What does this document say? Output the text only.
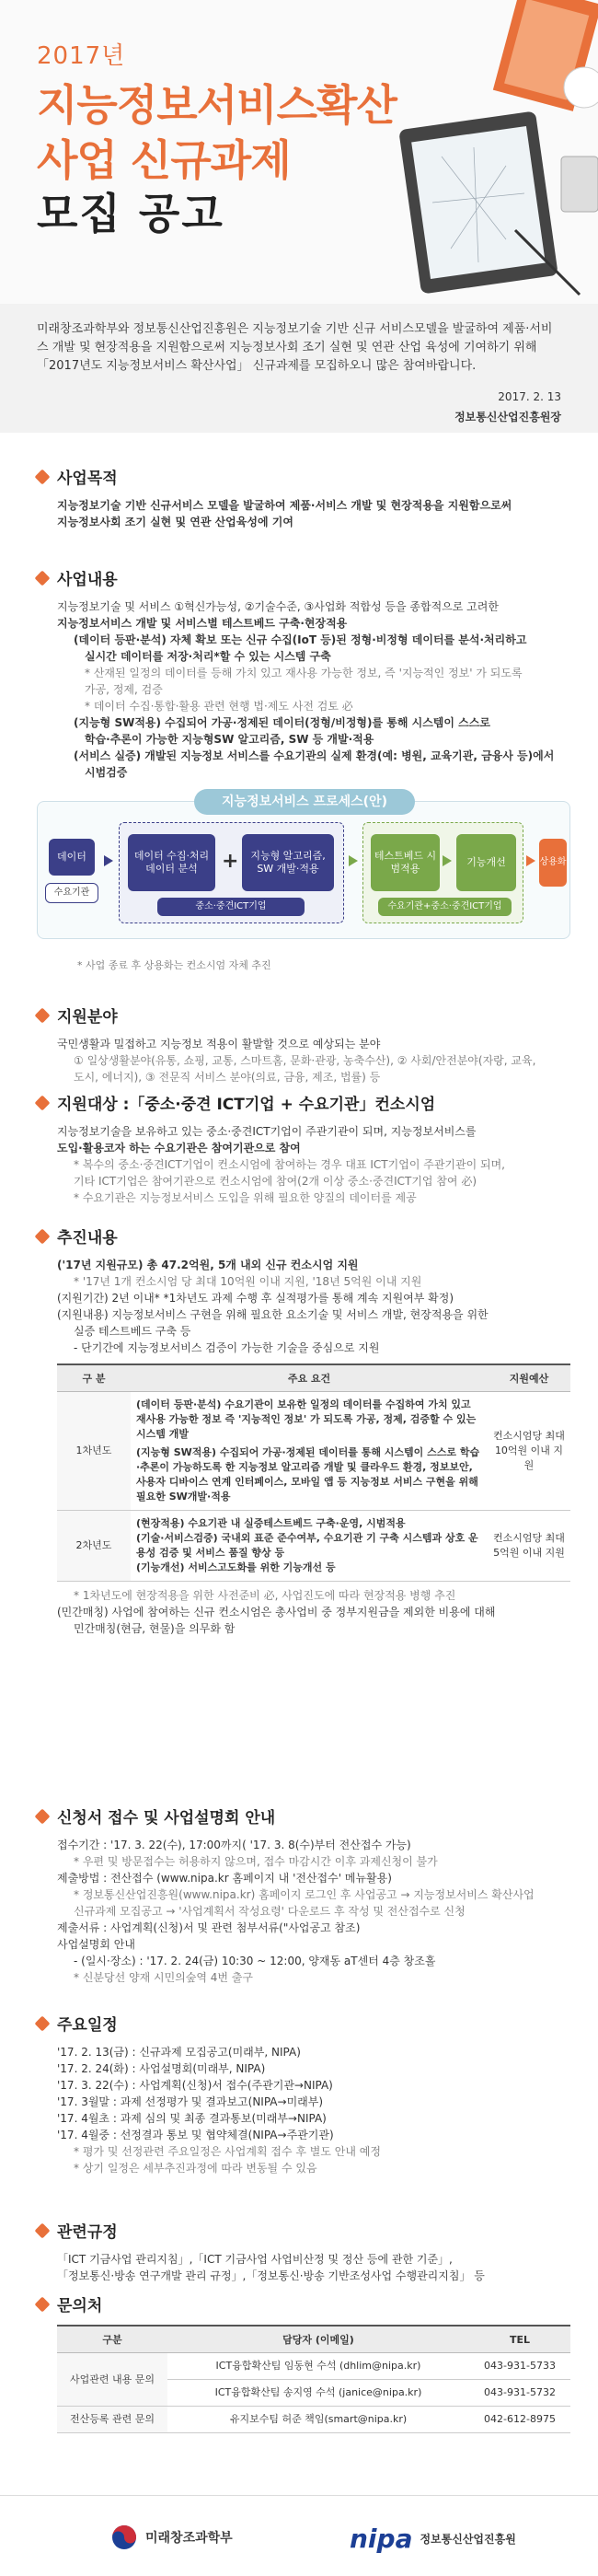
2017년
지능정보서비스확산
사업 신규과제
모집 공고

미래창조과학부와 정보통신산업진흥원은 지능정보기술 기반 신규 서비스모델을 발굴하여 제품·서비스 개발 및 현장적용을 지원함으로써 지능정보사회 조기 실현 및 연관 산업 육성에 기여하기 위해 「2017년도 지능정보서비스 확산사업」 신규과제를 모집하오니 많은 참여바랍니다.

2017. 2. 13
정보통신산업진흥원장
사업목적
지능정보기술 기반 신규서비스 모델을 발굴하여 제품·서비스 개발 및 현장적용을 지원함으로써
지능정보사회 조기 실현 및 연관 산업육성에 기여
사업내용
지능정보기술 및 서비스 ①혁신가능성, ②기술수준, ③사업화 적합성 등을 종합적으로 고려한
지능정보서비스 개발 및 서비스별 테스트베드 구축·현장적용
(데이터 등판·분석) 자체 확보 또는 신규 수집(IoT 등)된 정형·비정형 데이터를 분석·처리하고
실시간 데이터를 저장·처리*할 수 있는 시스템 구축
* 산재된 일정의 데이터를 등해 가치 있고 재사용 가능한 정보, 즉 '지능적인 정보' 가 되도록
가공, 정제, 검증
* 데이터 수집·통합·활용 관련 현행 법·제도 사전 검토 必
(지능형 SW적용) 수집되어 가공·정제된 데이터(정형/비정형)를 통해 시스템이 스스로
학습·추론이 가능한 지능형SW 알고리즘, SW 등 개발·적용
(서비스 실증) 개발된 지능정보 서비스를 수요기관의 실제 환경(예: 병원, 교육기관, 금융사 등)에서
시범검증
지능정보서비스 프로세스(안)
데이터
수요기관
데이터 수집·처리
데이터 분석	+	지능형 알고리즘, SW 개발·적용
중소·중견ICT기업
테스트베드 시범적용
기능개선
수요기관+중소·중견ICT기업
상용화
* 사업 종료 후 상용화는 컨소시엄 자체 추진
지원분야
국민생활과 밀접하고 지능정보 적용이 활발할 것으로 예상되는 분야
① 일상생활분야(유통, 쇼핑, 교통, 스마트홈, 문화·관광, 농축수산), ② 사회/안전분야(자랑, 교육,
도시, 에너지), ③ 전문직 서비스 분야(의료, 금융, 제조, 법률) 등
지원대상 :「중소·중견 ICT기업 + 수요기관」컨소시엄
지능정보기술을 보유하고 있는 중소·중견ICT기업이 주관기관이 되며, 지능정보서비스를
도입·활용코자 하는 수요기관은 참여기관으로 참여
* 복수의 중소·중견ICT기업이 컨소시엄에 참여하는 경우 대표 ICT기업이 주관기관이 되며,
기타 ICT기업은 참여기관으로 컨소시엄에 참여(2개 이상 중소·중견ICT기업 참여 必)
* 수요기관은 지능정보서비스 도입을 위해 필요한 양질의 데이터를 제공
추진내용
('17년 지원규모) 총 47.2억원, 5개 내외 신규 컨소시엄 지원
* '17년 1개 컨소시엄 당 최대 10억원 이내 지원, '18년 5억원 이내 지원
(지원기간) 2년 이내* *1차년도 과제 수행 후 실적평가를 통해 계속 지원여부 확정)
(지원내용) 지능정보서비스 구현을 위해 필요한 요소기술 및 서비스 개발, 현장적용을 위한
실증 테스트베드 구축 등
- 단기간에 지능정보서비스 검증이 가능한 기술을 중심으로 지원
구 분	주요 요건	지원예산
1차년도	(데이터 등판·분석) 수요기관이 보유한 일정의 데이터를 수집하여 가치 있고 재사용 가능한 정보 즉 '지능적인 정보' 가 되도록 가공, 정제, 검증할 수 있는 시스템 개발
(지능형 SW적용) 수집되어 가공·정제된 데이터를 통해 시스템이 스스로 학습·추론이 가능하도록 한 지능정보 알고리즘 개발 및 클라우드 환경, 정보보안, 사용자 디바이스 연계 인터페이스, 모바일 앱 등 지능정보 서비스 구현을 위해 필요한 SW개발·적용	컨소시엄당 최대 10억원 이내 지원
2차년도	(현장적용) 수요기관 내 실증테스트베드 구축·운영, 시범적용
(기술·서비스검증) 국내외 표준 준수여부, 수요기관 기 구축 시스템과 상호 운용성 검증 및 서비스 품질 향상 등
(기능개선) 서비스고도화를 위한 기능개선 등	컨소시엄당 최대 5억원 이내 지원
* 1차년도에 현장적용을 위한 사전준비 必, 사업진도에 따라 현장적용 병행 추진
(민간매칭) 사업에 참여하는 신규 컨소시엄은 총사업비 중 정부지원금을 제외한 비용에 대해
민간매칭(현금, 현물)을 의무화 함
신청서 접수 및 사업설명회 안내
접수기간 : '17. 3. 22(수), 17:00까지( '17. 3. 8(수)부터 전산접수 가능)
* 우편 및 방문접수는 허용하지 않으며, 접수 마감시간 이후 과제신청이 불가
제출방법 : 전산접수 (www.nipa.kr 홈페이지 내 '전산접수' 메뉴활용)
* 정보통신산업진흥원(www.nipa.kr) 홈페이지 로그인 후 사업공고 → 지능정보서비스 확산사업
신규과제 모집공고 → '사업계획서 작성요령' 다운로드 후 작성 및 전산접수로 신청
제출서류 : 사업계획(신청)서 및 관련 첨부서류("사업공고 참조)
사업설명회 안내
- (일시·장소) : '17. 2. 24(금) 10:30 ~ 12:00, 양재동 aT센터 4층 창조홀
* 신분당선 양재 시민의숲역 4번 출구
주요일정
'17. 2. 13(금) : 신규과제 모집공고(미래부, NIPA)
'17. 2. 24(화) : 사업설명회(미래부, NIPA)
'17. 3. 22(수) : 사업계획(신청)서 접수(주관기관→NIPA)
'17. 3월말 : 과제 선정평가 및 결과보고(NIPA→미래부)
'17. 4월초 : 과제 심의 및 최종 결과통보(미래부→NIPA)
'17. 4월중 : 선정결과 통보 및 협약체결(NIPA→주관기관)
* 평가 및 선정관련 주요일정은 사업계획 접수 후 별도 안내 예정
* 상기 일정은 세부추진과정에 따라 변동될 수 있음
관련규정
「ICT 기금사업 관리지침」,「ICT 기금사업 사업비산정 및 정산 등에 관한 기준」,
「정보통신·방송 연구개발 관리 규정」,「정보통신·방송 기반조성사업 수행관리지침」 등
문의처
구분	담당자 (이메일)	TEL
사업관련 내용 문의	ICT융합확산팀 임동현 수석 (dhlim@nipa.kr)	043-931-5733
	ICT융합확산팀 송지영 수석 (janice@nipa.kr)	043-931-5732
전산등록 관련 문의	유지보수팀 허준 책임(smart@nipa.kr)	042-612-8975
미래창조과학부	nipa 정보통신산업진흥원
